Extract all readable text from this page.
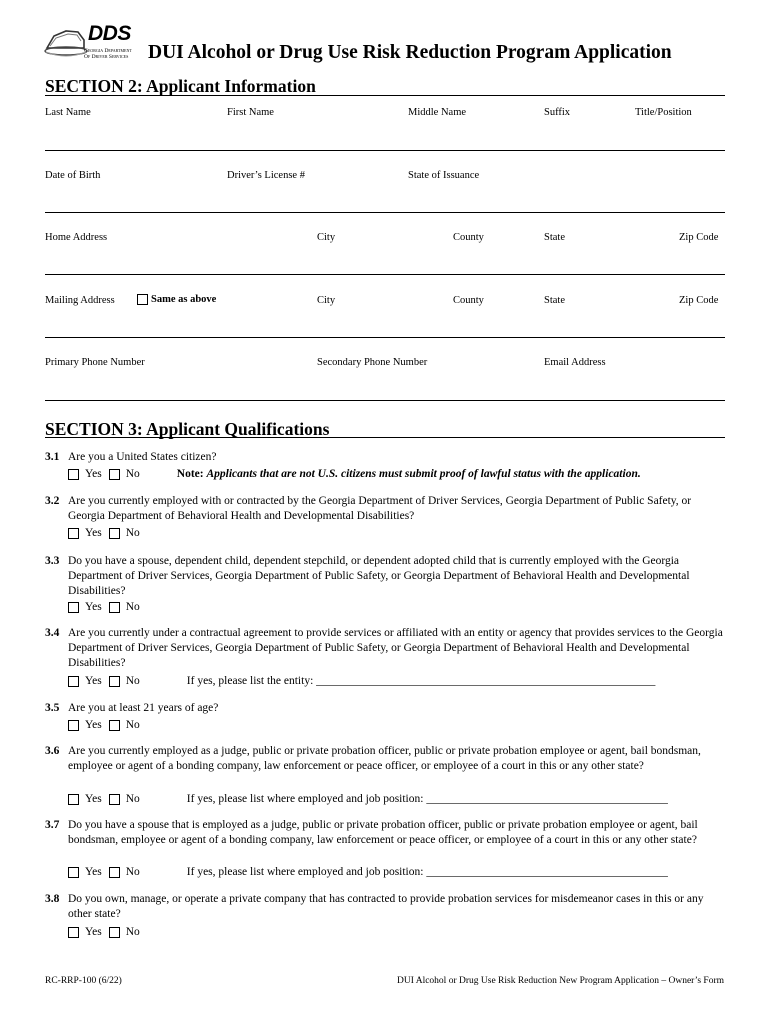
DDS
Georgia Department
Of Driver Services DUI Alcohol or Drug Use Risk Reduction Program Application
SECTION 2: Applicant Information
Last Name	First Name	Middle Name	Suffix	Title/Position
Date of Birth	Driver’s License #	State of Issuance
Home Address	City	County	State	Zip Code
Mailing Address	Same as above	City	County	State	Zip Code
Primary Phone Number	Secondary Phone Number	Email Address
SECTION 3: Applicant Qualifications
3.1 Are you a United States citizen?
Yes No	Note: Applicants that are not U.S. citizens must submit proof of lawful status with the application.
3.2 Are you currently employed with or contracted by the Georgia Department of Driver Services, Georgia Department of Public Safety, or Georgia Department of Behavioral Health and Developmental Disabilities?
Yes No
3.3 Do you have a spouse, dependent child, dependent stepchild, or dependent adopted child that is currently employed with the Georgia Department of Driver Services, Georgia Department of Public Safety, or Georgia Department of Behavioral Health and Developmental Disabilities?
Yes No
3.4 Are you currently under a contractual agreement to provide services or affiliated with an entity or agency that provides services to the Georgia Department of Driver Services, Georgia Department of Public Safety, or Georgia Department of Behavioral Health and Developmental Disabilities?
Yes No	If yes, please list the entity: ___________________________________________________________
3.5 Are you at least 21 years of age?
Yes No
3.6 Are you currently employed as a judge, public or private probation officer, public or private probation employee or agent, bail bondsman, employee or agent of a bonding company, law enforcement or peace officer, or employee of a court in this or any other state?
Yes No	If yes, please list where employed and job position: __________________________________________
3.7 Do you have a spouse that is employed as a judge, public or private probation officer, public or private probation employee or agent, bail bondsman, employee or agent of a bonding company, law enforcement or peace officer, or employee of a court in this or any other state?
Yes No	If yes, please list where employed and job position: __________________________________________
3.8 Do you own, manage, or operate a private company that has contracted to provide probation services for misdemeanor cases in this or any other state?
Yes No
RC-RRP-100 (6/22)	DUI Alcohol or Drug Use Risk Reduction New Program Application – Owner’s Form
